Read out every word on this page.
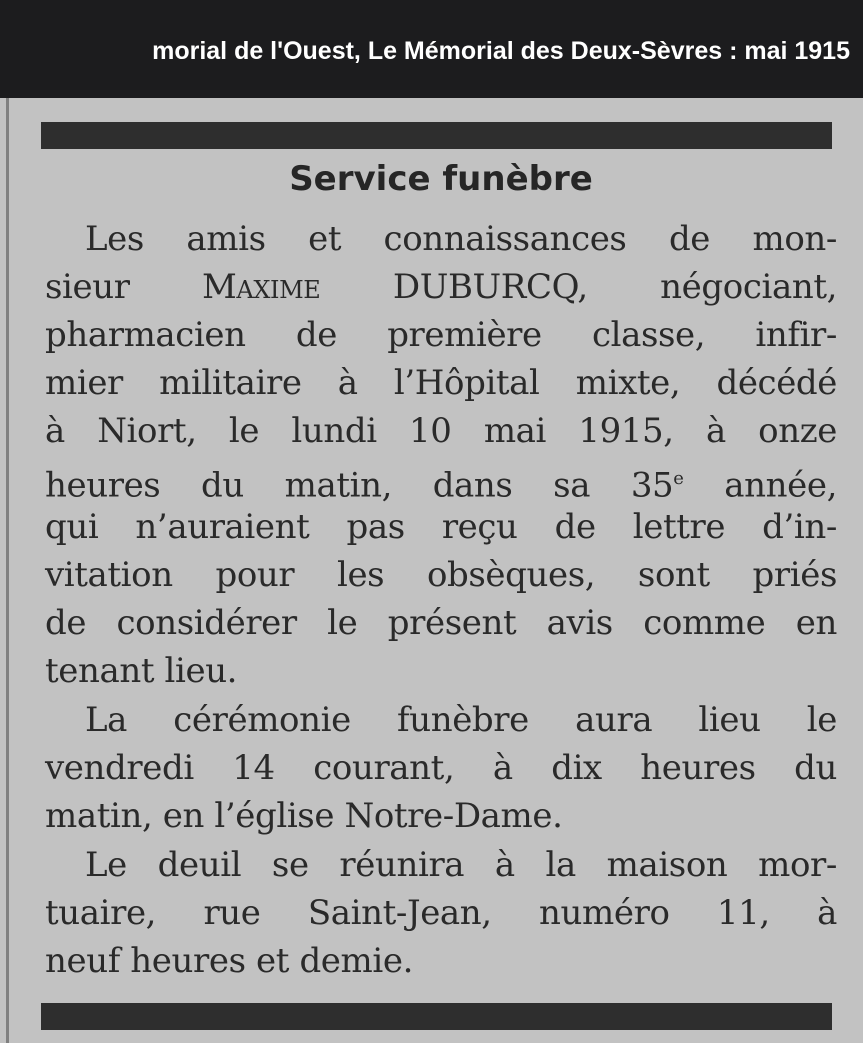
morial de l'Ouest, Le Mémorial des Deux-Sèvres : mai 1915
Service funèbre
Les amis et connaissances de mon-
sieur Maxime DUBURCQ, négociant,
pharmacien de première classe, infir-
mier militaire à l’Hôpital mixte, décédé
à Niort, le lundi 10 mai 1915, à onze
heures du matin, dans sa 35e année,
qui n’auraient pas reçu de lettre d’in-
vitation pour les obsèques, sont priés
de considérer le présent avis comme en
tenant lieu.
La cérémonie funèbre aura lieu le
vendredi 14 courant, à dix heures du
matin, en l’église Notre-Dame.
Le deuil se réunira à la maison mor-
tuaire, rue Saint-Jean, numéro 11, à
neuf heures et demie.
